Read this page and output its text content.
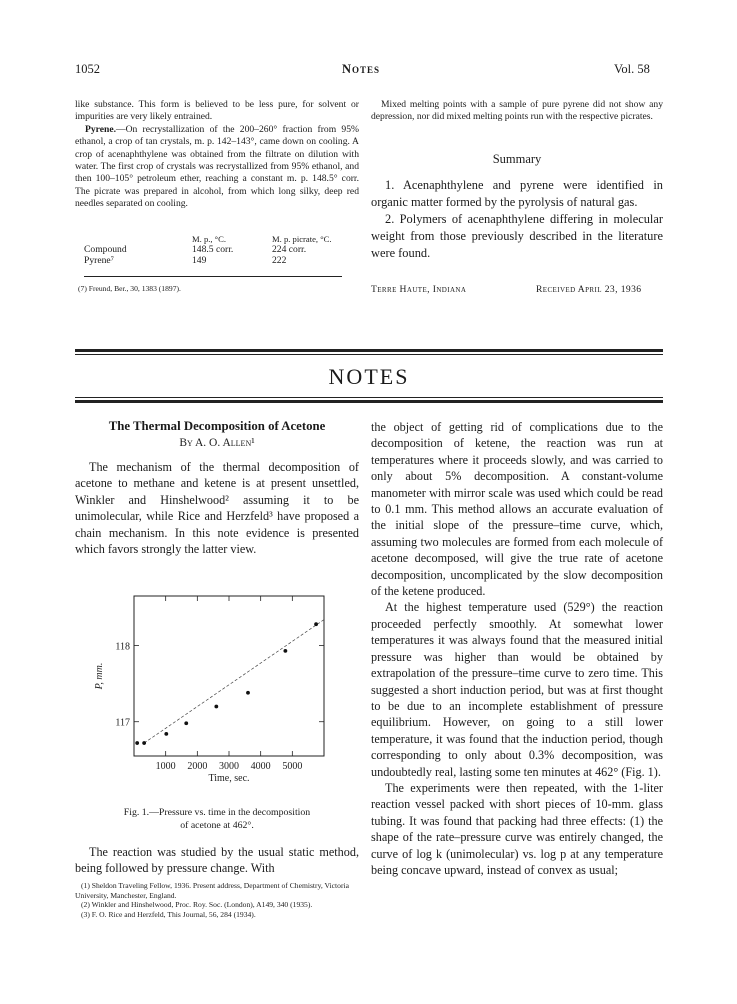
1052	Notes	Vol. 58

like substance. This form is believed to be less pure, for solvent or impurities are very likely entrained.

Pyrene.—On recrystallization of the 200–260° fraction from 95% ethanol, a crop of tan crystals, m. p. 142–143°, came down on cooling. A crop of acenaphthylene was obtained from the filtrate on dilution with water. The first crop of crystals was recrystallized from 95% ethanol, and then 100–105° petroleum ether, reaching a constant m. p. 148.5° corr. The picrate was prepared in alcohol, from which long silky, deep red needles separated on cooling.

	M. p., °C.	M. p. picrate, °C.
Compound	148.5 corr.	224 corr.
Pyrene⁷	149	222
(7) Freund, Ber., 30, 1383 (1897).

Mixed melting points with a sample of pure pyrene did not show any depression, nor did mixed melting points run with the respective picrates.

Summary

1. Acenaphthylene and pyrene were identified in organic matter formed by the pyrolysis of natural gas.

2. Polymers of acenaphthylene differing in molecular weight from those previously described in the literature were found.

Terre Haute, Indiana	Received April 23, 1936
NOTES
The Thermal Decomposition of Acetone
By A. O. Allen¹

The mechanism of the thermal decomposition of acetone to methane and ketene is at present unsettled, Winkler and Hinshelwood² assuming it to be unimolecular, while Rice and Herzfeld³ have proposed a chain mechanism. In this note evidence is presented which favors strongly the latter view.

1000 2000 3000 4000 5000
117
118
Time, sec.
P, mm.
Fig. 1.—Pressure vs. time in the decomposition
of acetone at 462°.

The reaction was studied by the usual static method, being followed by pressure change. With

(1) Sheldon Traveling Fellow, 1936. Present address, Department of Chemistry, Victoria University, Manchester, England.
(2) Winkler and Hinshelwood, Proc. Roy. Soc. (London), A149, 340 (1935).
(3) F. O. Rice and Herzfeld, This Journal, 56, 284 (1934).

the object of getting rid of complications due to the decomposition of ketene, the reaction was run at temperatures where it proceeds slowly, and was carried to only about 5% decomposition. A constant-volume manometer with mirror scale was used which could be read to 0.1 mm. This method allows an accurate evaluation of the initial slope of the pressure–time curve, which, assuming two molecules are formed from each molecule of acetone decomposed, will give the true rate of acetone decomposition, uncomplicated by the slow decomposition of the ketene produced.

At the highest temperature used (529°) the reaction proceeded perfectly smoothly. At somewhat lower temperatures it was always found that the measured initial pressure was higher than would be obtained by extrapolation of the pressure–time curve to zero time. This suggested a short induction period, but was at first thought to be due to an incomplete establishment of pressure equilibrium. However, on going to a still lower temperature, it was found that the induction period, though corresponding to only about 0.3% decomposition, was undoubtedly real, lasting some ten minutes at 462° (Fig. 1).

The experiments were then repeated, with the 1-liter reaction vessel packed with short pieces of 10-mm. glass tubing. It was found that packing had three effects: (1) the shape of the rate–pressure curve was entirely changed, the curve of log k (unimolecular) vs. log p at any temperature being concave upward, instead of convex as usual;
